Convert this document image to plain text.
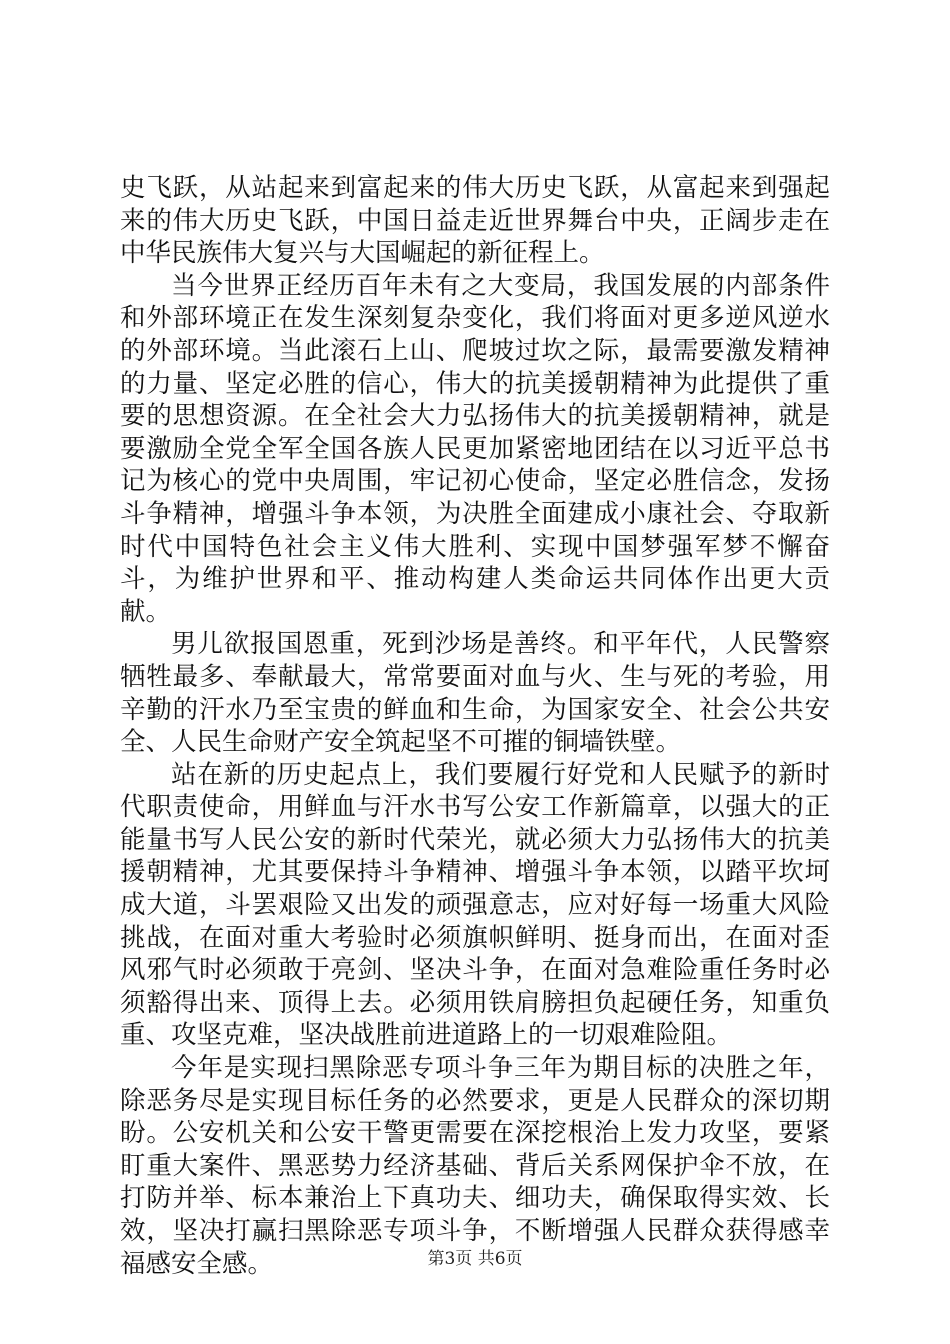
史飞跃，从站起来到富起来的伟大历史飞跃，从富起来到强起来的伟大历史飞跃，中国日益走近世界舞台中央，正阔步走在中华民族伟大复兴与大国崛起的新征程上。

当今世界正经历百年未有之大变局，我国发展的内部条件和外部环境正在发生深刻复杂变化，我们将面对更多逆风逆水的外部环境。当此滚石上山、爬坡过坎之际，最需要激发精神的力量、坚定必胜的信心，伟大的抗美援朝精神为此提供了重要的思想资源。在全社会大力弘扬伟大的抗美援朝精神，就是要激励全党全军全国各族人民更加紧密地团结在以习近平总书记为核心的党中央周围，牢记初心使命，坚定必胜信念，发扬斗争精神，增强斗争本领，为决胜全面建成小康社会、夺取新时代中国特色社会主义伟大胜利、实现中国梦强军梦不懈奋斗，为维护世界和平、推动构建人类命运共同体作出更大贡献。

男儿欲报国恩重，死到沙场是善终。和平年代，人民警察牺牲最多、奉献最大，常常要面对血与火、生与死的考验，用辛勤的汗水乃至宝贵的鲜血和生命，为国家安全、社会公共安全、人民生命财产安全筑起坚不可摧的铜墙铁壁。

站在新的历史起点上，我们要履行好党和人民赋予的新时代职责使命，用鲜血与汗水书写公安工作新篇章，以强大的正能量书写人民公安的新时代荣光，就必须大力弘扬伟大的抗美援朝精神，尤其要保持斗争精神、增强斗争本领，以踏平坎坷成大道，斗罢艰险又出发的顽强意志，应对好每一场重大风险挑战，在面对重大考验时必须旗帜鲜明、挺身而出，在面对歪风邪气时必须敢于亮剑、坚决斗争，在面对急难险重任务时必须豁得出来、顶得上去。必须用铁肩膀担负起硬任务，知重负重、攻坚克难，坚决战胜前进道路上的一切艰难险阻。

今年是实现扫黑除恶专项斗争三年为期目标的决胜之年，除恶务尽是实现目标任务的必然要求，更是人民群众的深切期盼。公安机关和公安干警更需要在深挖根治上发力攻坚，要紧盯重大案件、黑恶势力经济基础、背后关系网保护伞不放，在打防并举、标本兼治上下真功夫、细功夫，确保取得实效、长效，坚决打赢扫黑除恶专项斗争，不断增强人民群众获得感幸福感安全感。	第3页 共6页
